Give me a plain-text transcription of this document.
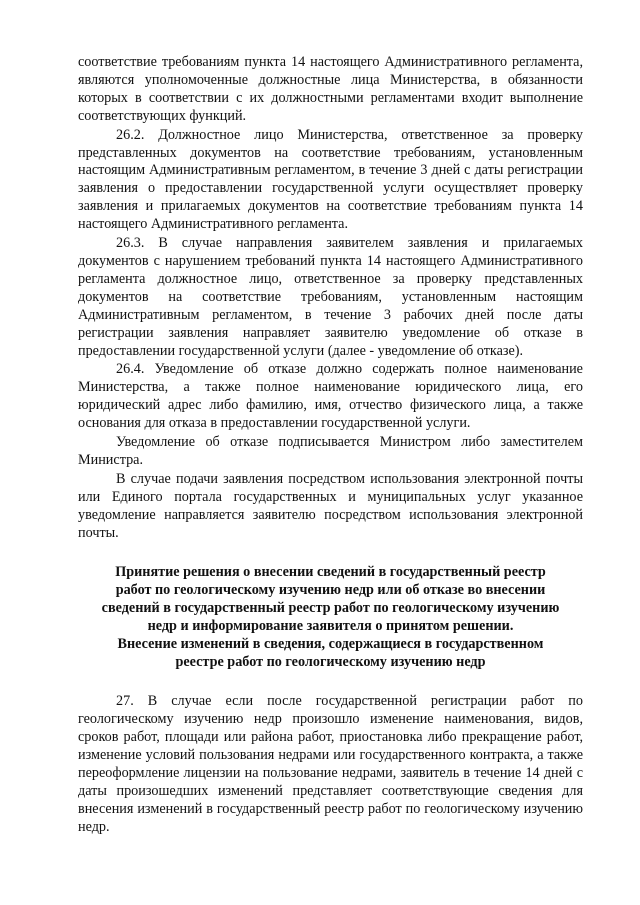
соответствие требованиям пункта 14 настоящего Административного регламента, являются уполномоченные должностные лица Министерства, в обязанности которых в соответствии с их должностными регламентами входит выполнение соответствующих функций.

26.2. Должностное лицо Министерства, ответственное за проверку представленных документов на соответствие требованиям, установленным настоящим Административным регламентом, в течение 3 дней с даты регистрации заявления о предоставлении государственной услуги осуществляет проверку заявления и прилагаемых документов на соответствие требованиям пункта 14 настоящего Административного регламента.

26.3. В случае направления заявителем заявления и прилагаемых документов с нарушением требований пункта 14 настоящего Административного регламента должностное лицо, ответственное за проверку представленных документов на соответствие требованиям, установленным настоящим Административным регламентом, в течение 3 рабочих дней после даты регистрации заявления направляет заявителю уведомление об отказе в предоставлении государственной услуги (далее - уведомление об отказе).

26.4. Уведомление об отказе должно содержать полное наименование Министерства, а также полное наименование юридического лица, его юридический адрес либо фамилию, имя, отчество физического лица, а также основания для отказа в предоставлении государственной услуги.

Уведомление об отказе подписывается Министром либо заместителем Министра.

В случае подачи заявления посредством использования электронной почты или Единого портала государственных и муниципальных услуг указанное уведомление направляется заявителю посредством использования электронной почты.

Принятие решения о внесении сведений в государственный реестр
работ по геологическому изучению недр или об отказе во внесении
сведений в государственный реестр работ по геологическому изучению
недр и информирование заявителя о принятом решении.
Внесение изменений в сведения, содержащиеся в государственном
реестре работ по геологическому изучению недр

27. В случае если после государственной регистрации работ по геологическому изучению недр произошло изменение наименования, видов, сроков работ, площади или района работ, приостановка либо прекращение работ, изменение условий пользования недрами или государственного контракта, а также переоформление лицензии на пользование недрами, заявитель в течение 14 дней с даты произошедших изменений представляет соответствующие сведения для внесения изменений в государственный реестр работ по геологическому изучению недр.
